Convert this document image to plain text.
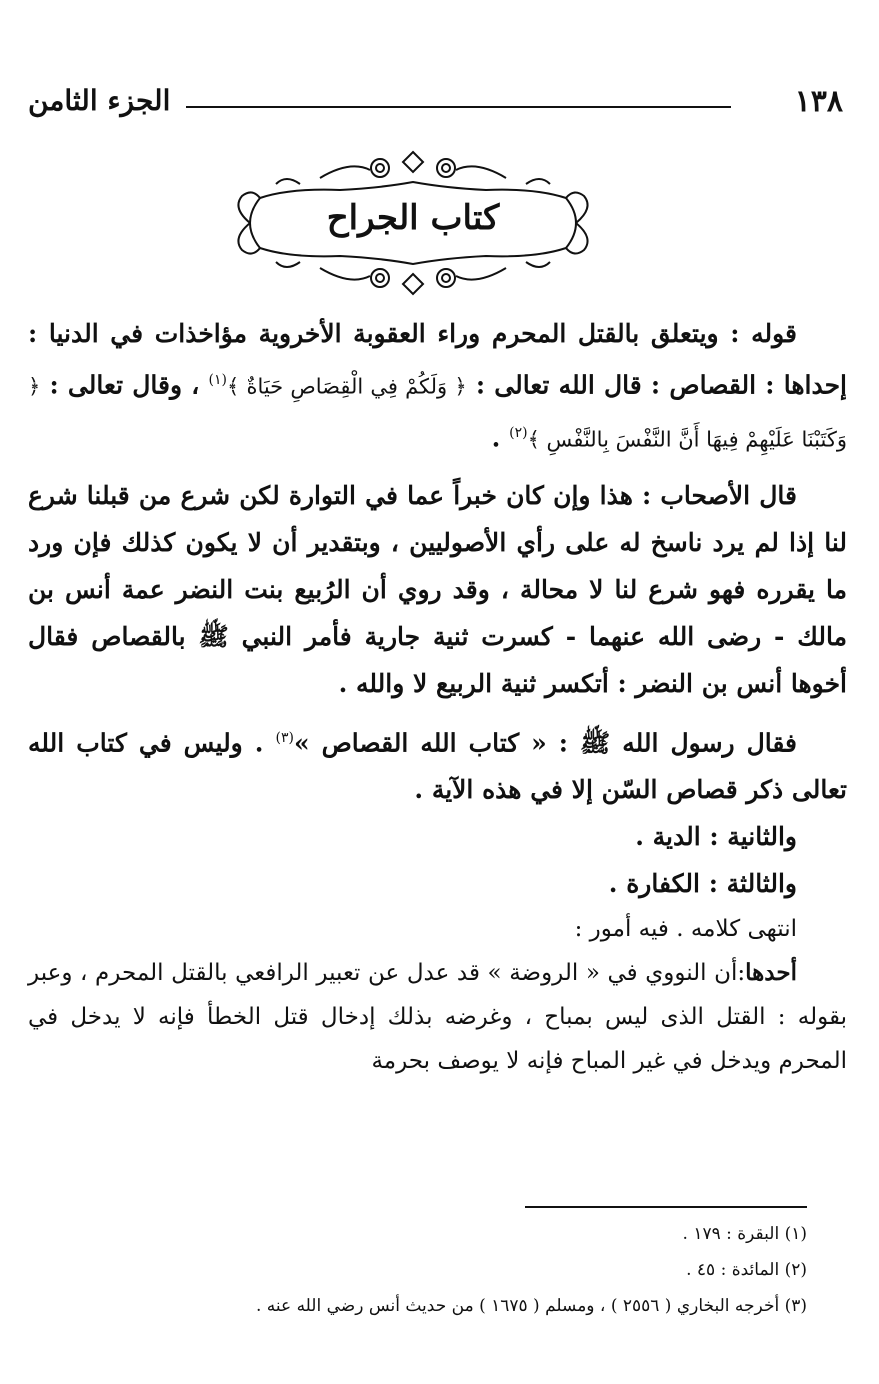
١٣٨
الجزء الثامن
كتاب الجراح

قوله : ويتعلق بالقتل المحرم وراء العقوبة الأخروية مؤاخذات في الدنيا : إحداها : القصاص : قال الله تعالى : ﴿ وَلَكُمْ فِي الْقِصَاصِ حَيَاةٌ ﴾$^{(١)}$ ، وقال تعالى : ﴿ وَكَتَبْنَا عَلَيْهِمْ فِيهَا أَنَّ النَّفْسَ بِالنَّفْسِ ﴾$^{(٢)}$ .

قال الأصحاب : هذا وإن كان خبراً عما في التوارة لكن شرع من قبلنا شرع لنا إذا لم يرد ناسخ له على رأي الأصوليين ، وبتقدير أن لا يكون كذلك فإن ورد ما يقرره فهو شرع لنا لا محالة ، وقد روي أن الرُبيع بنت النضر عمة أنس بن مالك - رضى الله عنهما - كسرت ثنية جارية فأمر النبي ﷺ بالقصاص فقال أخوها أنس بن النضر : أتكسر ثنية الربيع لا والله .

فقال رسول الله ﷺ : « كتاب الله القصاص »$^{(٣)}$ . وليس في كتاب الله تعالى ذكر قصاص السّن إلا في هذه الآية .

والثانية : الدية .

والثالثة : الكفارة .

انتهى كلامه . فيه أمور :

أحدها:أن النووي في « الروضة » قد عدل عن تعبير الرافعي بالقتل المحرم ، وعبر بقوله : القتل الذى ليس بمباح ، وغرضه بذلك إدخال قتل الخطأ فإنه لا يدخل في المحرم ويدخل في غير المباح فإنه لا يوصف بحرمة

(١) البقرة : ١٧٩ .
(٢) المائدة : ٤٥ .
(٣) أخرجه البخاري ( ٢٥٥٦ ) ، ومسلم ( ١٦٧٥ ) من حديث أنس رضي الله عنه .
